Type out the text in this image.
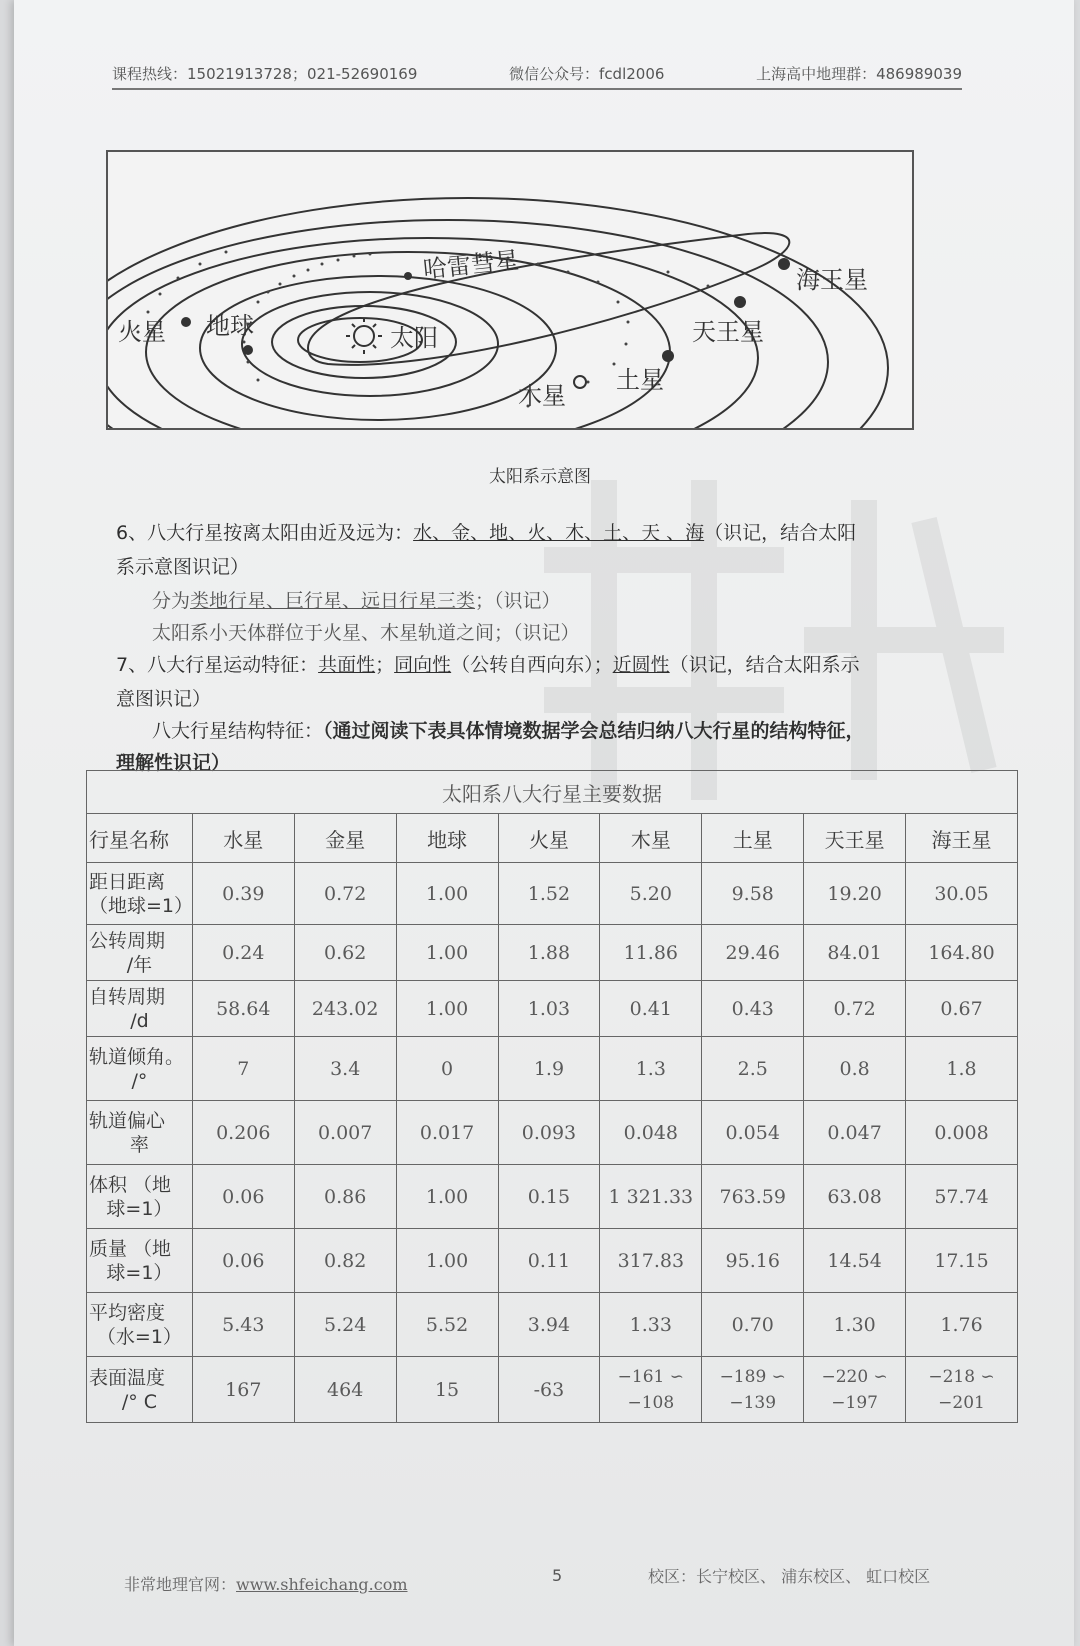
课程热线：15021913728；021-52690169	微信公众号：fcdl2006	上海高中地理群：486989039
太阳
哈雷彗星
火星 地球
木星
土星
天王星
海王星
太阳系示意图
6、八大行星按离太阳由近及远为：水、金、地、火、木、土、天 、海（识记，结合太阳
系示意图识记）
分为类地行星、巨行星、远日行星三类；（识记）
太阳系小天体群位于火星、木星轨道之间；（识记）
7、八大行星运动特征：共面性；同向性（公转自西向东）；近圆性（识记，结合太阳系示
意图识记）
八大行星结构特征：（通过阅读下表具体情境数据学会总结归纳八大行星的结构特征，
理解性识记）
太阳系八大行星主要数据								
行星名称	水星	金星	地球	火星	木星	土星	天王星	海王星

距日距离
（地球=1）	0.39	0.72	1.00	1.52	5.20	9.58	19.20	30.05

公转周期
/年	0.24	0.62	1.00	1.88	11.86	29.46	84.01	164.80

自转周期
/d	58.64	243.02	1.00	1.03	0.41	0.43	0.72	0.67

轨道倾角。
/°	7	3.4	0	1.9	1.3	2.5	0.8	1.8

轨道偏心
率	0.206	0.007	0.017	0.093	0.048	0.054	0.047	0.008

体积 （地
球=1）	0.06	0.86	1.00	0.15	1 321.33	763.59	63.08	57.74

质量 （地
球=1）	0.06	0.82	1.00	0.11	317.83	95.16	14.54	17.15

平均密度
（水=1）	5.43	5.24	5.52	3.94	1.33	0.70	1.30	1.76

表面温度
/° C	167	464	15	-63	−161 ∽ −108	−189 ∽ −139	−220 ∽ −197	−218 ∽ −201
非常地理官网：www.shfeichang.com	5	校区：长宁校区、 浦东校区、 虹口校区
